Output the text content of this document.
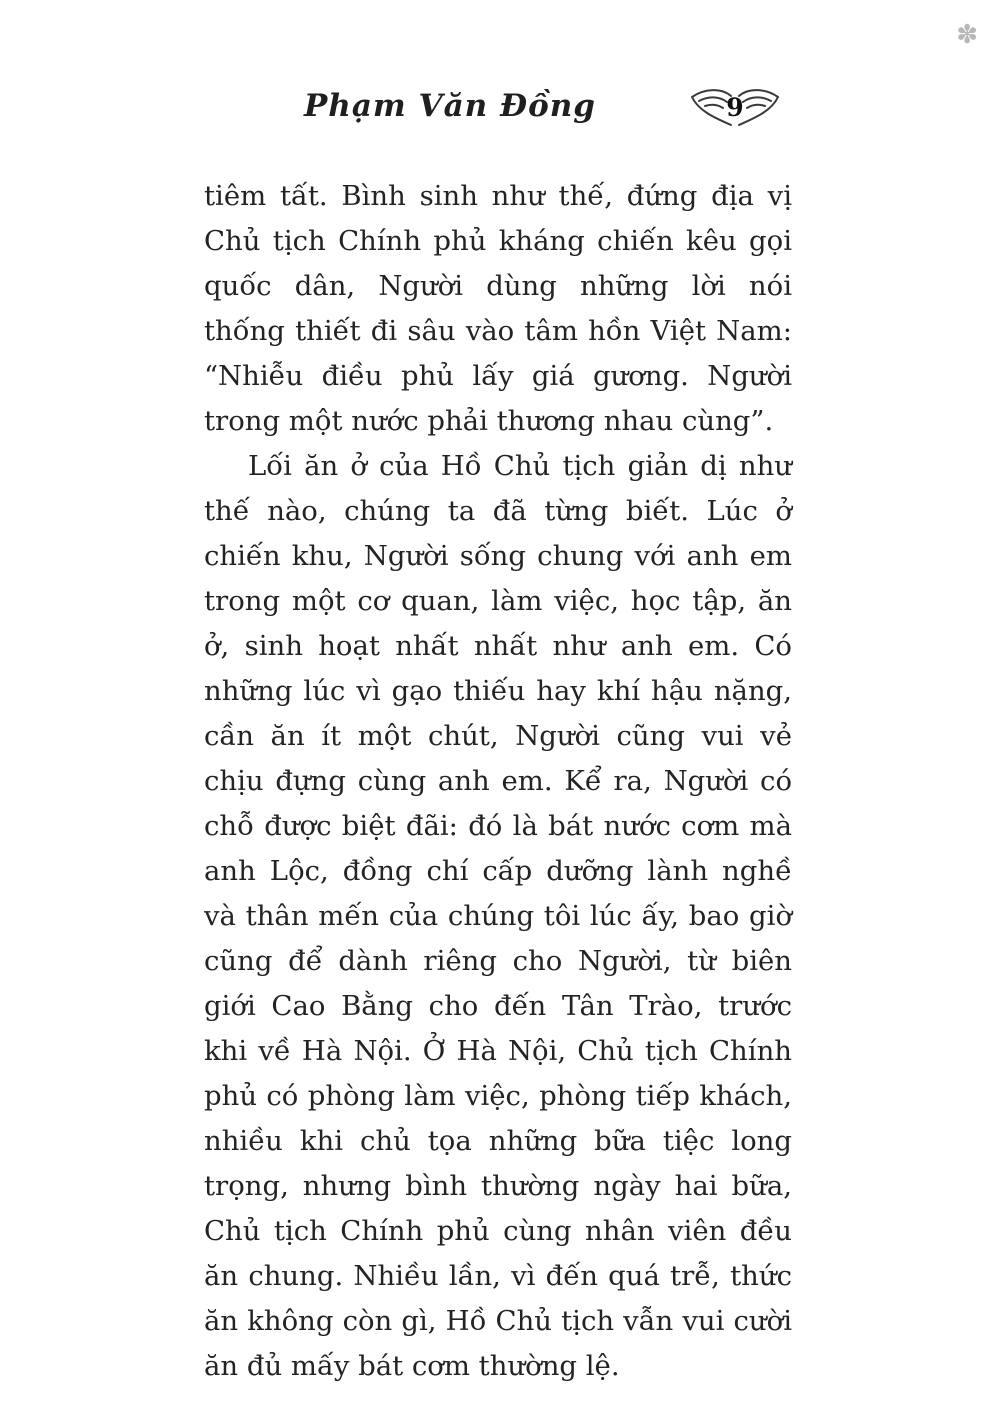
✽
Phạm Văn Đồng	9

tiêm tất. Bình sinh như thế, đứng địa vị Chủ tịch Chính phủ kháng chiến kêu gọi quốc dân, Người dùng những lời nói thống thiết đi sâu vào tâm hồn Việt Nam: “Nhiễu điều phủ lấy giá gương. Người trong một nước phải thương nhau cùng”.

Lối ăn ở của Hồ Chủ tịch giản dị như thế nào, chúng ta đã từng biết. Lúc ở chiến khu, Người sống chung với anh em trong một cơ quan, làm việc, học tập, ăn ở, sinh hoạt nhất nhất như anh em. Có những lúc vì gạo thiếu hay khí hậu nặng, cần ăn ít một chút, Người cũng vui vẻ chịu đựng cùng anh em. Kể ra, Người có chỗ được biệt đãi: đó là bát nước cơm mà anh Lộc, đồng chí cấp dưỡng lành nghề và thân mến của chúng tôi lúc ấy, bao giờ cũng để dành riêng cho Người, từ biên giới Cao Bằng cho đến Tân Trào, trước khi về Hà Nội. Ở Hà Nội, Chủ tịch Chính phủ có phòng làm việc, phòng tiếp khách, nhiều khi chủ tọa những bữa tiệc long trọng, nhưng bình thường ngày hai bữa, Chủ tịch Chính phủ cùng nhân viên đều ăn chung. Nhiều lần, vì đến quá trễ, thức ăn không còn gì, Hồ Chủ tịch vẫn vui cười ăn đủ mấy bát cơm thường lệ.
